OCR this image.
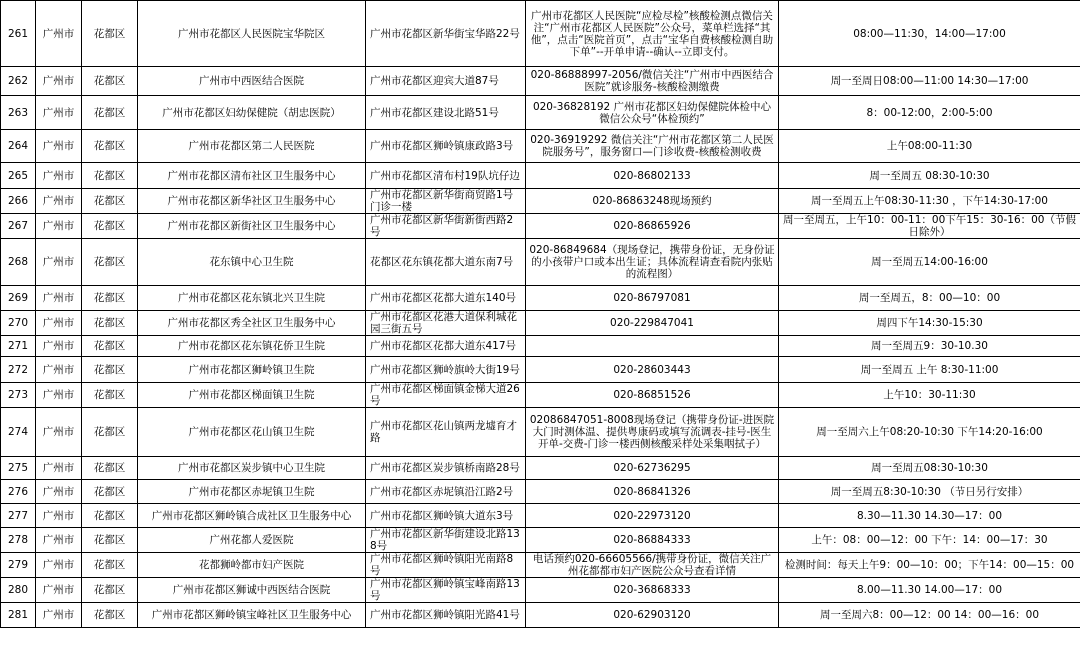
261	广州市	花都区	广州市花都区人民医院宝华院区	广州市花都区新华街宝华路22号	广州市花都区人民医院“应检尽检”核酸检测点微信关注“广州市花都区人民医院”公众号，菜单栏选择“其他”，点击“医院首页”，点击“宝华自费核酸检测自助下单”--开单申请--确认--立即支付。	08:00—11:30，14:00—17:00
262	广州市	花都区	广州市中西医结合医院	广州市花都区迎宾大道87号	020-86888997-2056/微信关注“广州市中西医结合医院”就诊服务-核酸检测缴费	周一至周日08:00—11:00 14:30—17:00
263	广州市	花都区	广州市花都区妇幼保健院（胡忠医院）	广州市花都区建设北路51号	020-36828192 广州市花都区妇幼保健院体检中心微信公众号“体检预约”	8：00-12:00，2:00-5:00
264	广州市	花都区	广州市花都区第二人民医院	广州市花都区狮岭镇康政路3号	020-36919292 微信关注“广州市花都区第二人民医院服务号”，服务窗口—门诊收费-核酸检测收费	上午08:00-11:30
265	广州市	花都区	广州市花都区清布社区卫生服务中心	广州市花都区清布村19队坑仔边	020-86802133	周一至周五 08:30-10:30
266	广州市	花都区	广州市花都区新华社区卫生服务中心	广州市花都区新华街商贸路1号门诊一楼	020-86863248现场预约	周一至周五上午08:30-11:30 ，下午14:30-17:00
267	广州市	花都区	广州市花都区新街社区卫生服务中心	广州市花都区新华街新街西路2号	020-86865926	周一至周五，上午10：00-11：00下午15：30-16：00（节假日除外）
268	广州市	花都区	花东镇中心卫生院	花都区花东镇花都大道东南7号	020-86849684（现场登记，携带身份证，无身份证的小孩带户口或本出生证；具体流程请查看院内张贴的流程图）	周一至周五14:00-16:00
269	广州市	花都区	广州市花都区花东镇北兴卫生院	广州市花都区花都大道东140号	020-86797081	周一至周五，8：00—10：00
270	广州市	花都区	广州市花都区秀全社区卫生服务中心	广州市花都区花港大道保利城花园三街五号	020-229847041	周四下午14:30-15:30
271	广州市	花都区	广州市花都区花东镇花侨卫生院	广州市花都区花都大道东417号		周一至周五9：30-10.30
272	广州市	花都区	广州市花都区狮岭镇卫生院	广州市花都区狮岭旗岭大街19号	020-28603443	周一至周五 上午 8:30-11:00
273	广州市	花都区	广州市花都区梯面镇卫生院	广州市花都区梯面镇金梯大道26号	020-86851526	上午10：30-11:30
274	广州市	花都区	广州市花都区花山镇卫生院	广州市花都区花山镇两龙墟育才路	02086847051-8008现场登记（携带身份证-进医院大门时测体温、提供粤康码或填写流调表-挂号-医生开单-交费-门诊一楼西侧核酸采样处采集咽拭子）	周一至周六上午08:20-10:30 下午14:20-16:00
275	广州市	花都区	广州市花都区炭步镇中心卫生院	广州市花都区炭步镇桥南路28号	020-62736295	周一至周五08:30-10:30
276	广州市	花都区	广州市花都区赤坭镇卫生院	广州市花都区赤坭镇沿江路2号	020-86841326	周一至周五8:30-10:30 （节日另行安排）
277	广州市	花都区	广州市花都区狮岭镇合成社区卫生服务中心	广州市花都区狮岭镇大道东3号	020-22973120	8.30—11.30 14.30—17：00
278	广州市	花都区	广州花都人爱医院	广州市花都区新华街建设北路138号	020-86884333	上午：08：00—12：00 下午：14：00—17：30
279	广州市	花都区	花都狮岭都市妇产医院	广州市花都区狮岭镇阳光南路8号	电话预约020-66605566/携带身份证，微信关注广州花都都市妇产医院公众号查看详情	检测时间：每天上午9：00—10：00；下午14：00—15：00
280	广州市	花都区	广州市花都区狮诚中西医结合医院	广州市花都区狮岭镇宝峰南路13号	020-36868333	8.00—11.30 14.00—17：00
281	广州市	花都区	广州市花都区狮岭镇宝峰社区卫生服务中心	广州市花都区狮岭镇阳光路41号	020-62903120	周一至周六8：00—12：00 14：00—16：00
